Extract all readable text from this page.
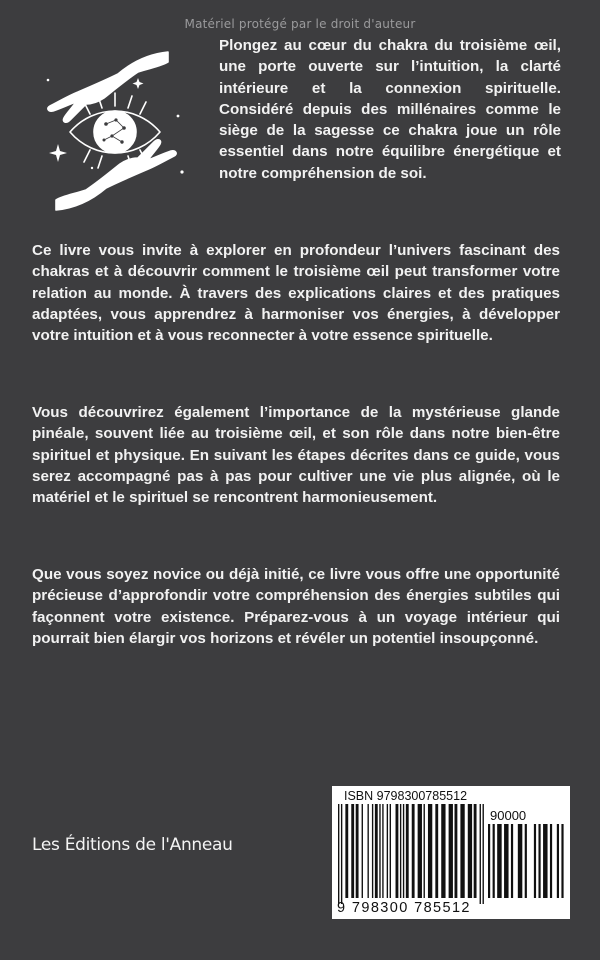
Matériel protégé par le droit d'auteur

Plongez au cœur du chakra du troisième œil, une porte ouverte sur l’intuition, la clarté intérieure et la connexion spirituelle. Considéré depuis des millénaires comme le siège de la sagesse ce chakra joue un rôle essentiel dans notre équilibre énergétique et notre compréhension de soi.

Ce livre vous invite à explorer en profondeur l’univers fascinant des chakras et à découvrir comment le troisième œil peut transformer votre relation au monde. À travers des explications claires et des pratiques adaptées, vous apprendrez à harmoniser vos énergies, à développer votre intuition et à vous reconnecter à votre essence spirituelle.

Vous découvrirez également l’importance de la mystérieuse glande pinéale, souvent liée au troisième œil, et son rôle dans notre bien-être spirituel et physique. En suivant les étapes décrites dans ce guide, vous serez accompagné pas à pas pour cultiver une vie plus alignée, où le matériel et le spirituel se rencontrent harmonieusement.

Que vous soyez novice ou déjà initié, ce livre vous offre une opportunité précieuse d’approfondir votre compréhension des énergies subtiles qui façonnent votre existence. Préparez-vous à un voyage intérieur qui pourrait bien élargir vos horizons et révéler un potentiel insoupçonné.

Les Éditions de l'Anneau
ISBN 9798300785512
90000
9 798300 785512
